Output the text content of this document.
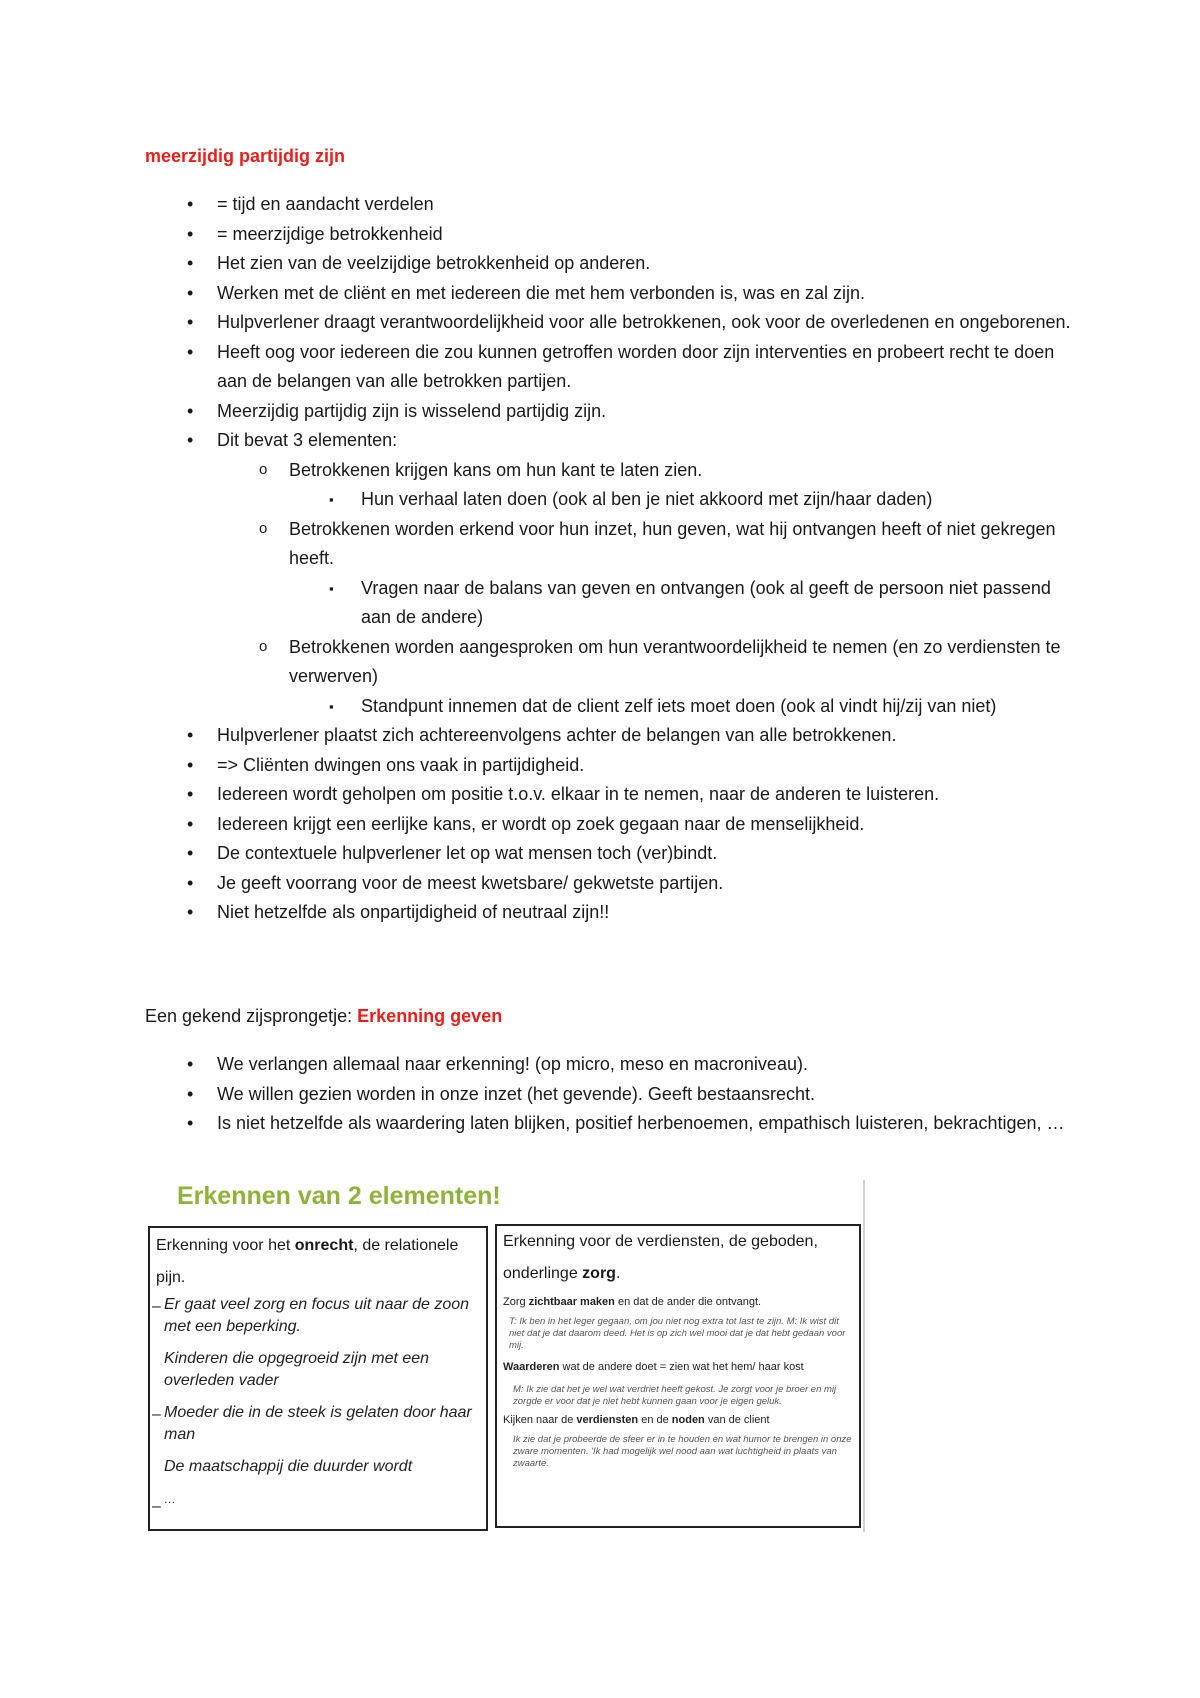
meerzijdig partijdig zijn
• = tijd en aandacht verdelen
• = meerzijdige betrokkenheid
• Het zien van de veelzijdige betrokkenheid op anderen.
• Werken met de cliënt en met iedereen die met hem verbonden is, was en zal zijn.
• Hulpverlener draagt verantwoordelijkheid voor alle betrokkenen, ook voor de overledenen en ongeborenen.
• Heeft oog voor iedereen die zou kunnen getroffen worden door zijn interventies en probeert recht te doen aan de belangen van alle betrokken partijen.
• Meerzijdig partijdig zijn is wisselend partijdig zijn.
• Dit bevat 3 elementen:
o Betrokkenen krijgen kans om hun kant te laten zien.
▪ Hun verhaal laten doen (ook al ben je niet akkoord met zijn/haar daden)
o Betrokkenen worden erkend voor hun inzet, hun geven, wat hij ontvangen heeft of niet gekregen heeft.
▪ Vragen naar de balans van geven en ontvangen (ook al geeft de persoon niet passend aan de andere)
o Betrokkenen worden aangesproken om hun verantwoordelijkheid te nemen (en zo verdiensten te verwerven)
▪ Standpunt innemen dat de client zelf iets moet doen (ook al vindt hij/zij van niet)
• Hulpverlener plaatst zich achtereenvolgens achter de belangen van alle betrokkenen.
• => Cliënten dwingen ons vaak in partijdigheid.
• Iedereen wordt geholpen om positie t.o.v. elkaar in te nemen, naar de anderen te luisteren.
• Iedereen krijgt een eerlijke kans, er wordt op zoek gegaan naar de menselijkheid.
• De contextuele hulpverlener let op wat mensen toch (ver)bindt.
• Je geeft voorrang voor de meest kwetsbare/ gekwetste partijen.
• Niet hetzelfde als onpartijdigheid of neutraal zijn!!
Een gekend zijsprongetje: Erkenning geven
• We verlangen allemaal naar erkenning! (op micro, meso en macroniveau).
• We willen gezien worden in onze inzet (het gevende). Geeft bestaansrecht.
• Is niet hetzelfde als waardering laten blijken, positief herbenoemen, empathisch luisteren, bekrachtigen, …
Erkennen van 2 elementen!
Erkenning voor het onrecht, de relationele pijn.
–
–
–
Er gaat veel zorg en focus uit naar de zoon met een beperking.
Kinderen die opgegroeid zijn met een overleden vader
Moeder die in de steek is gelaten door haar man
De maatschappij die duurder wordt
…
Erkenning voor de verdiensten, de geboden, onderlinge zorg.
Zorg zichtbaar maken en dat de ander die ontvangt.
T: Ik ben in het leger gegaan, om jou niet nog extra tot last te zijn. M: Ik wist dit niet dat je dat daarom deed. Het is op zich wel mooi dat je dat hebt gedaan voor mij.
Waarderen wat de andere doet = zien wat het hem/ haar kost
M: Ik zie dat het je wel wat verdriet heeft gekost. Je zorgt voor je broer en mij zorgde er voor dat je niet hebt kunnen gaan voor je eigen geluk.
Kijken naar de verdiensten en de noden van de client
Ik zie dat je probeerde de sfeer er in te houden en wat humor te brengen in onze zware momenten. 'Ik had mogelijk wel nood aan wat luchtigheid in plaats van zwaarte.
